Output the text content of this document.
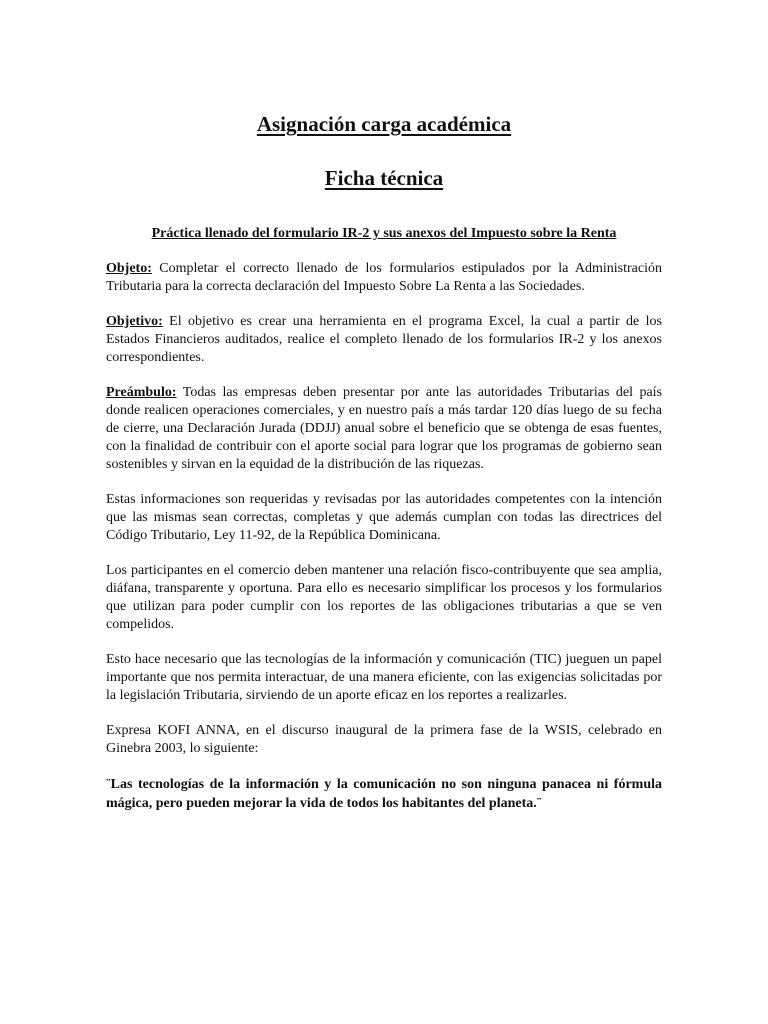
Asignación carga académica
Ficha técnica
Práctica llenado del formulario IR-2 y sus anexos del Impuesto sobre la Renta

Objeto: Completar el correcto llenado de los formularios estipulados por la Administración Tributaria para la correcta declaración del Impuesto Sobre La Renta a las Sociedades.

Objetivo: El objetivo es crear una herramienta en el programa Excel, la cual a partir de los Estados Financieros auditados, realice el completo llenado de los formularios IR-2 y los anexos correspondientes.

Preámbulo: Todas las empresas deben presentar por ante las autoridades Tributarias del país donde realicen operaciones comerciales, y en nuestro país a más tardar 120 días luego de su fecha de cierre, una Declaración Jurada (DDJJ) anual sobre el beneficio que se obtenga de esas fuentes, con la finalidad de contribuir con el aporte social para lograr que los programas de gobierno sean sostenibles y sirvan en la equidad de la distribución de las riquezas.

Estas informaciones son requeridas y revisadas por las autoridades competentes con la intención que las mismas sean correctas, completas y que además cumplan con todas las directrices del Código Tributario, Ley 11-92, de la República Dominicana.

Los participantes en el comercio deben mantener una relación fisco-contribuyente que sea amplia, diáfana, transparente y oportuna. Para ello es necesario simplificar los procesos y los formularios que utilizan para poder cumplir con los reportes de las obligaciones tributarias a que se ven compelidos.

Esto hace necesario que las tecnologías de la información y comunicación (TIC) jueguen un papel importante que nos permita interactuar, de una manera eficiente, con las exigencias solicitadas por la legislación Tributaria, sirviendo de un aporte eficaz en los reportes a realizarles.

Expresa KOFI ANNA, en el discurso inaugural de la primera fase de la WSIS, celebrado en Ginebra 2003, lo siguiente:

¨Las tecnologías de la información y la comunicación no son ninguna panacea ni fórmula mágica, pero pueden mejorar la vida de todos los habitantes del planeta.¨
